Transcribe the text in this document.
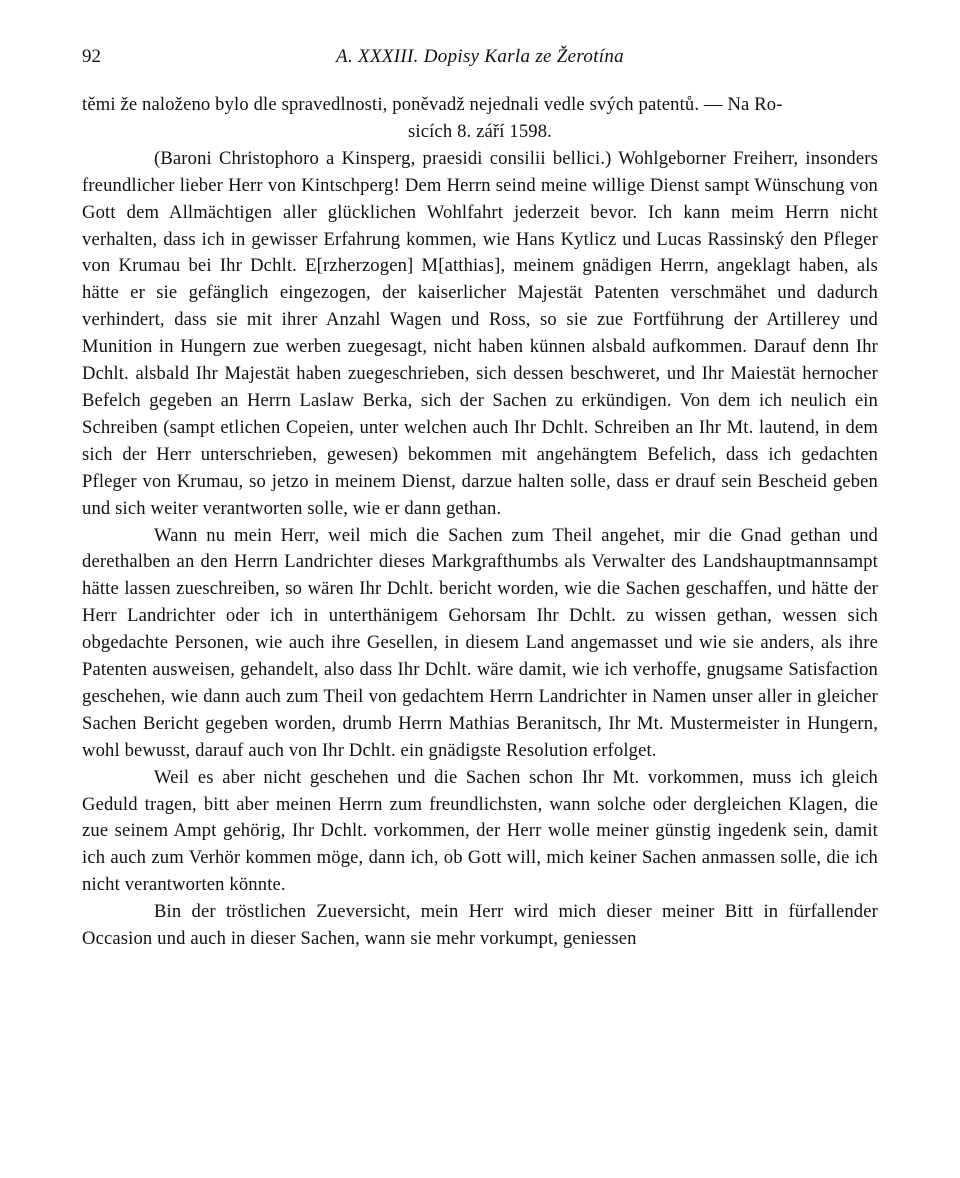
92	A. XXXIII. Dopisy Karla ze Žerotína

těmi že naloženo bylo dle spravedlnosti, poněvadž nejednali vedle svých patentů. — Na Ro-
sicích 8. září 1598.

(Baroni Christophoro a Kinsperg, praesidi consilii bellici.) Wohlgeborner Freiherr, insonders freundlicher lieber Herr von Kintschperg! Dem Herrn seind meine willige Dienst sampt Wünschung von Gott dem Allmächtigen aller glücklichen Wohlfahrt jederzeit bevor. Ich kann meim Herrn nicht verhalten, dass ich in gewisser Erfahrung kommen, wie Hans Kytlicz und Lucas Rassinský den Pfleger von Krumau bei Ihr Dchlt. E[rzherzogen] M[atthias], meinem gnädigen Herrn, angeklagt haben, als hätte er sie gefänglich eingezogen, der kaiserlicher Majestät Patenten verschmähet und dadurch verhindert, dass sie mit ihrer Anzahl Wagen und Ross, so sie zue Fortführung der Artillerey und Munition in Hungern zue werben zuegesagt, nicht haben künnen alsbald aufkommen. Darauf denn Ihr Dchlt. alsbald Ihr Majestät haben zuegeschrieben, sich dessen beschweret, und Ihr Maiestät hernocher Befelch gegeben an Herrn Laslaw Berka, sich der Sachen zu erkündigen. Von dem ich neulich ein Schreiben (sampt etlichen Copeien, unter welchen auch Ihr Dchlt. Schreiben an Ihr Mt. lautend, in dem sich der Herr unterschrieben, gewesen) bekommen mit angehängtem Befelich, dass ich gedachten Pfleger von Krumau, so jetzo in meinem Dienst, darzue halten solle, dass er drauf sein Bescheid geben und sich weiter verantworten solle, wie er dann gethan.

Wann nu mein Herr, weil mich die Sachen zum Theil angehet, mir die Gnad gethan und derethalben an den Herrn Landrichter dieses Markgrafthumbs als Verwalter des Landshauptmannsampt hätte lassen zueschreiben, so wären Ihr Dchlt. bericht worden, wie die Sachen geschaffen, und hätte der Herr Landrichter oder ich in unterthänigem Gehorsam Ihr Dchlt. zu wissen gethan, wessen sich obgedachte Personen, wie auch ihre Gesellen, in diesem Land angemasset und wie sie anders, als ihre Patenten ausweisen, gehandelt, also dass Ihr Dchlt. wäre damit, wie ich verhoffe, gnugsame Satisfaction geschehen, wie dann auch zum Theil von gedachtem Herrn Landrichter in Namen unser aller in gleicher Sachen Bericht gegeben worden, drumb Herrn Mathias Beranitsch, Ihr Mt. Mustermeister in Hungern, wohl bewusst, darauf auch von Ihr Dchlt. ein gnädigste Resolution erfolget.

Weil es aber nicht geschehen und die Sachen schon Ihr Mt. vorkommen, muss ich gleich Geduld tragen, bitt aber meinen Herrn zum freundlichsten, wann solche oder dergleichen Klagen, die zue seinem Ampt gehörig, Ihr Dchlt. vorkommen, der Herr wolle meiner günstig ingedenk sein, damit ich auch zum Verhör kommen möge, dann ich, ob Gott will, mich keiner Sachen anmassen solle, die ich nicht verantworten könnte.

Bin der tröstlichen Zueversicht, mein Herr wird mich dieser meiner Bitt in fürfallender Occasion und auch in dieser Sachen, wann sie mehr vorkumpt, geniessen
